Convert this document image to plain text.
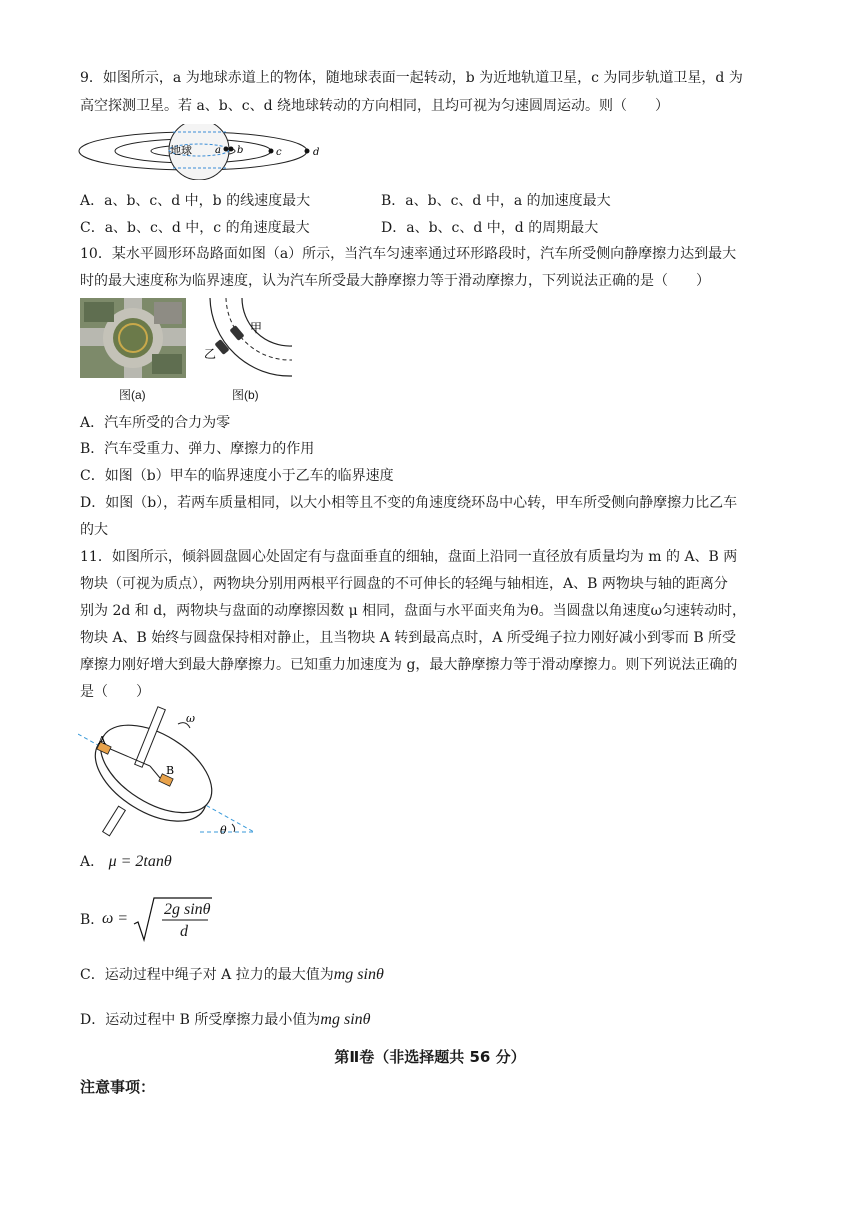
9．如图所示，a 为地球赤道上的物体，随地球表面一起转动，b 为近地轨道卫星，c 为同步轨道卫星，d 为
高空探测卫星。若 a、b、c、d 绕地球转动的方向相同，且均可视为匀速圆周运动。则（　　）
地球 a b	c	d
A．a、b、c、d 中，b 的线速度最大	B．a、b、c、d 中，a 的加速度最大
C．a、b、c、d 中，c 的角速度最大	D．a、b、c、d 中，d 的周期最大
10．某水平圆形环岛路面如图（a）所示，当汽车匀速率通过环形路段时，汽车所受侧向静摩擦力达到最大
时的最大速度称为临界速度，认为汽车所受最大静摩擦力等于滑动摩擦力，下列说法正确的是（　　）
图(a)
甲
乙
图(b)
A．汽车所受的合力为零
B．汽车受重力、弹力、摩擦力的作用
C．如图（b）甲车的临界速度小于乙车的临界速度
D．如图（b），若两车质量相同，以大小相等且不变的角速度绕环岛中心转，甲车所受侧向静摩擦力比乙车
的大
11．如图所示，倾斜圆盘圆心处固定有与盘面垂直的细轴，盘面上沿同一直径放有质量均为 m 的 A、B 两
物块（可视为质点），两物块分别用两根平行圆盘的不可伸长的轻绳与轴相连，A、B 两物块与轴的距离分
别为 2d 和 d，两物块与盘面的动摩擦因数 μ 相同，盘面与水平面夹角为θ。当圆盘以角速度ω匀速转动时，
物块 A、B 始终与圆盘保持相对静止，且当物块 A 转到最高点时，A 所受绳子拉力刚好减小到零而 B 所受
摩擦力刚好增大到最大静摩擦力。已知重力加速度为 g，最大静摩擦力等于滑动摩擦力。则下列说法正确的
是（　　）
A
B
ω
θ
A． μ = 2tanθ
B．
ω =
2g sinθ
d
C．运动过程中绳子对 A 拉力的最大值为mg sinθ
D．运动过程中 B 所受摩擦力最小值为mg sinθ
第Ⅱ卷（非选择题共 56 分）
注意事项：
